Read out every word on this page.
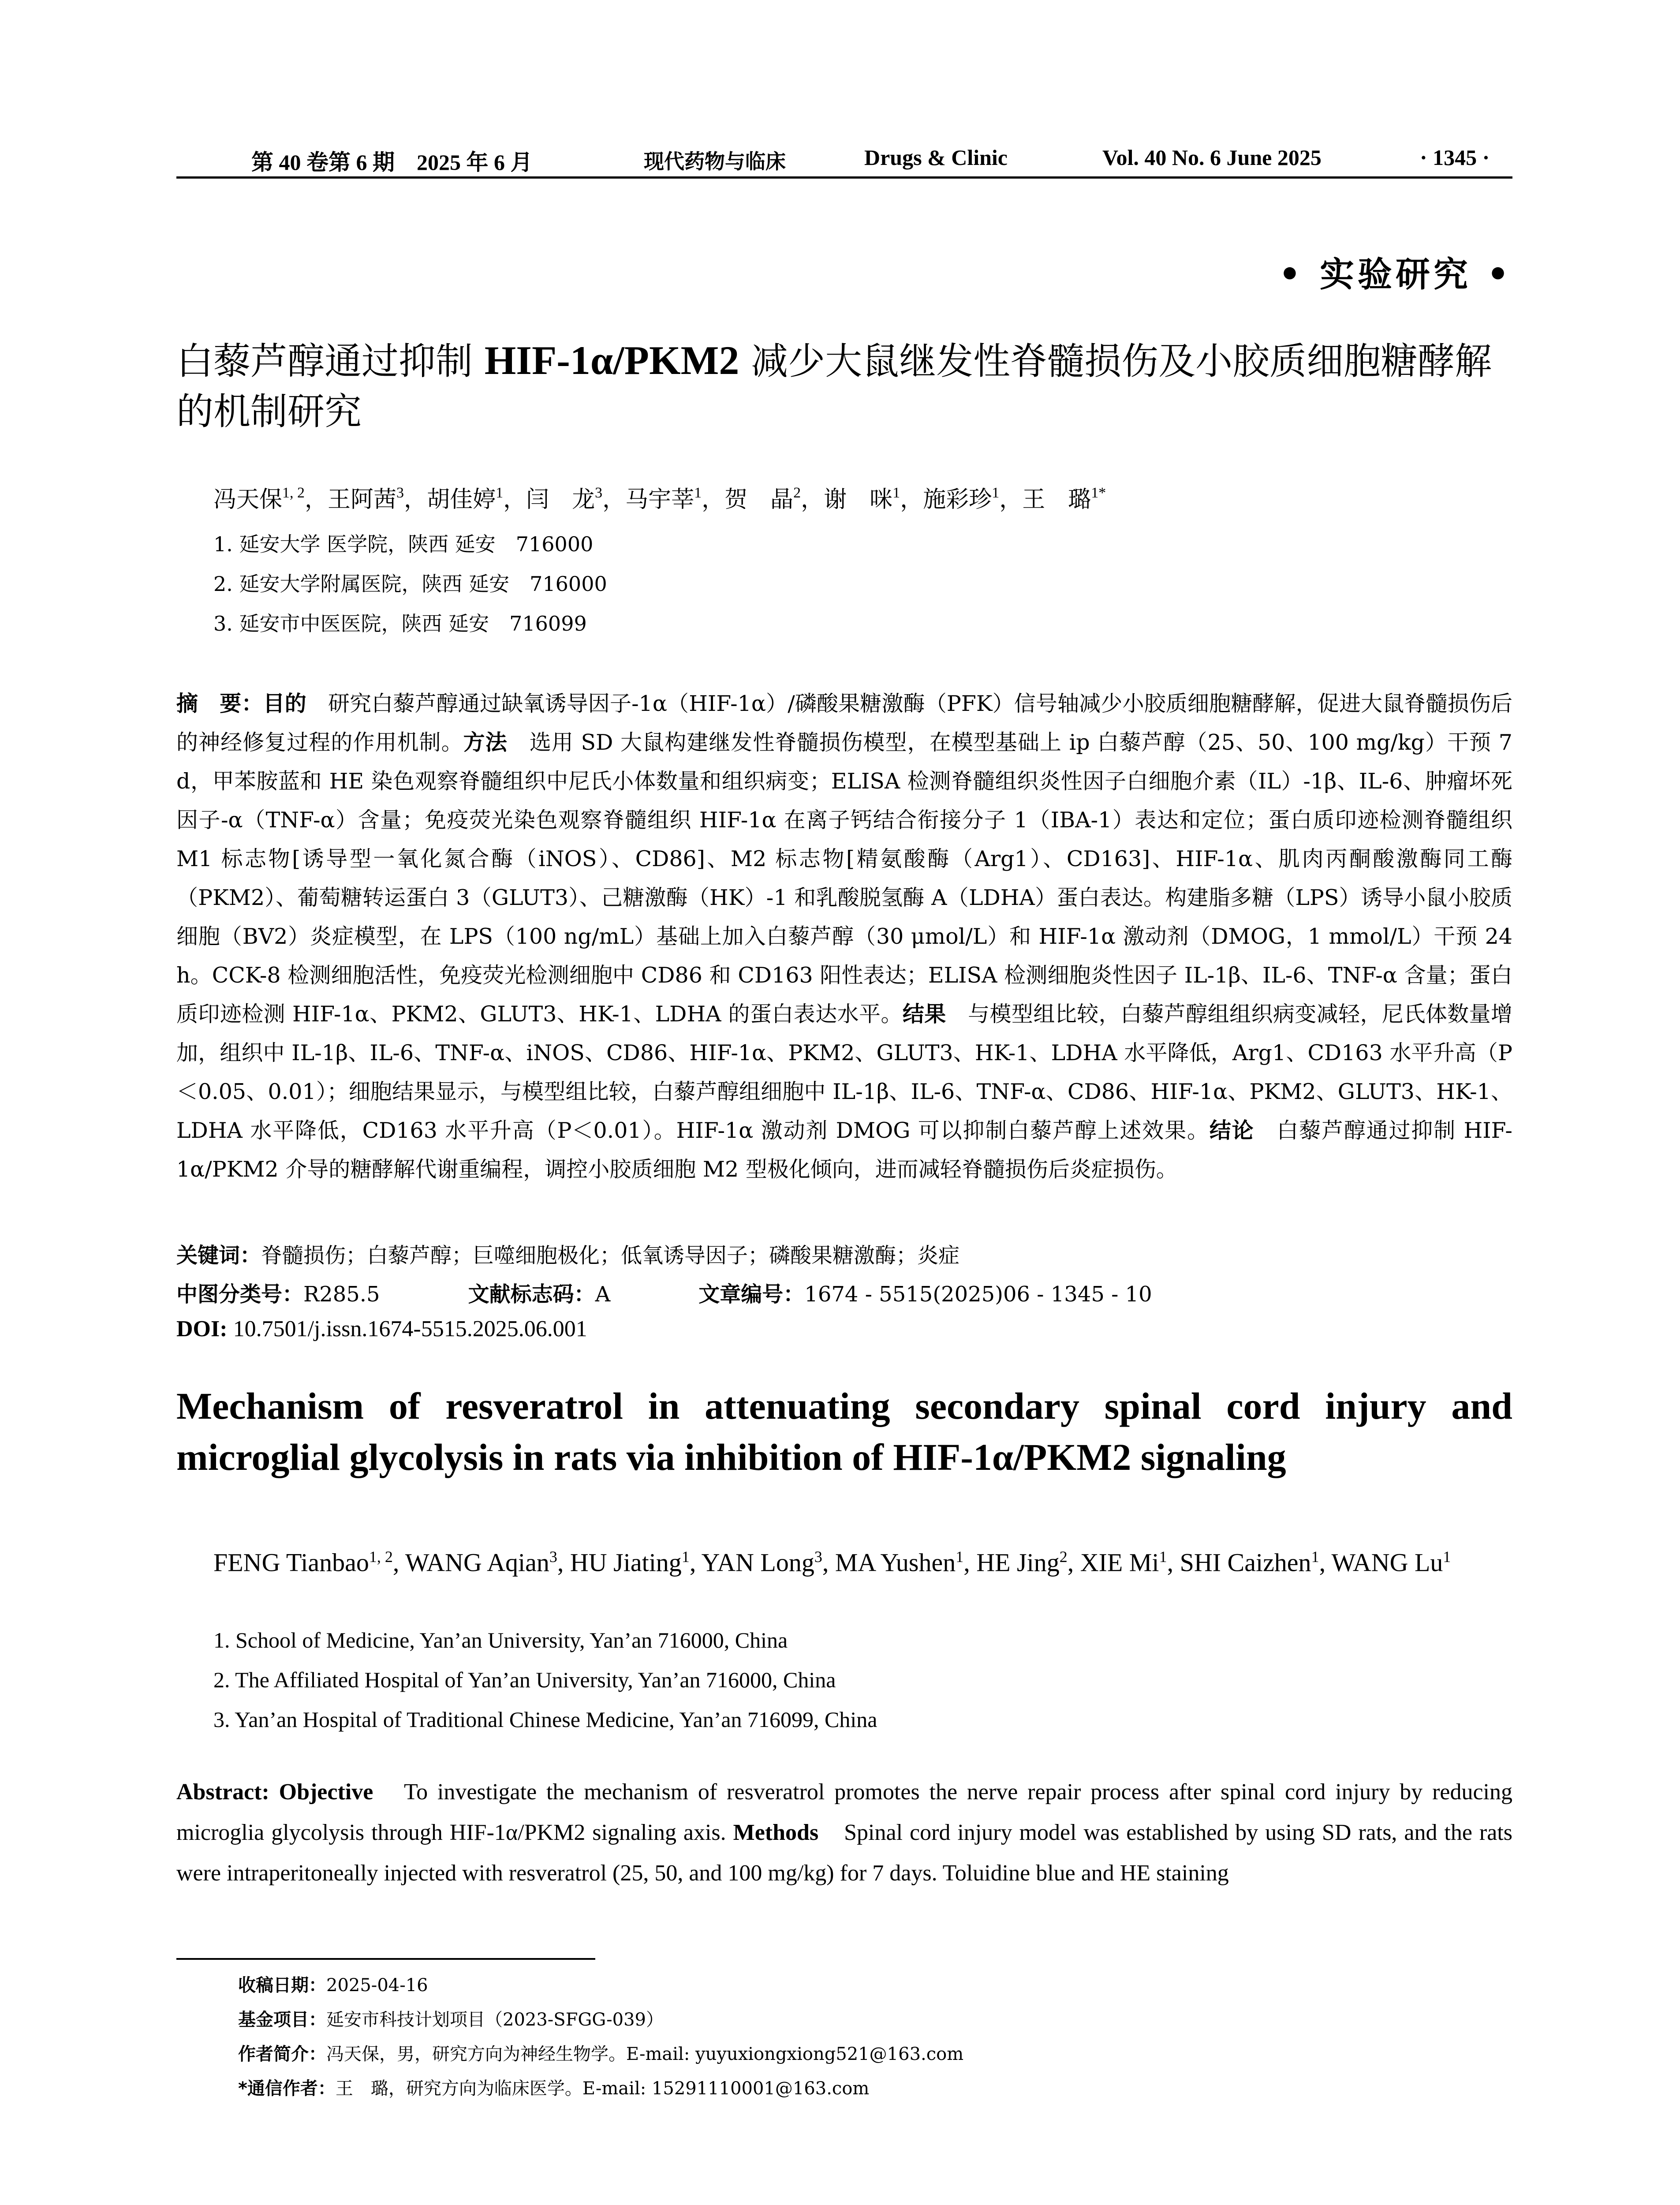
第 40 卷第 6 期　2025 年 6 月	现代药物与临床	Drugs & Clinic	Vol. 40 No. 6 June 2025	· 1345 ·
• 实验研究 •
白藜芦醇通过抑制 HIF-1α/PKM2 减少大鼠继发性脊髓损伤及小胶质细胞糖酵解的机制研究
冯天保$^{1, 2}$，王阿茜$^3$，胡佳婷$^1$，闫　龙$^3$，马宇莘$^1$，贺　晶$^2$，谢　咪$^1$，施彩珍$^1$，王　璐$^{1*}$
1. 延安大学 医学院，陕西 延安　716000
2. 延安大学附属医院，陕西 延安　716000
3. 延安市中医医院，陕西 延安　716099
摘　要：目的　研究白藜芦醇通过缺氧诱导因子-1α（HIF-1α）/磷酸果糖激酶（PFK）信号轴减少小胶质细胞糖酵解，促进大鼠脊髓损伤后的神经修复过程的作用机制。方法　选用 SD 大鼠构建继发性脊髓损伤模型，在模型基础上 ip 白藜芦醇（25、50、100 mg/kg）干预 7 d，甲苯胺蓝和 HE 染色观察脊髓组织中尼氏小体数量和组织病变；ELISA 检测脊髓组织炎性因子白细胞介素（IL）-1β、IL-6、肿瘤坏死因子-α（TNF-α）含量；免疫荧光染色观察脊髓组织 HIF-1α 在离子钙结合衔接分子 1（IBA-1）表达和定位；蛋白质印迹检测脊髓组织 M1 标志物[诱导型一氧化氮合酶（iNOS）、CD86]、M2 标志物[精氨酸酶（Arg1）、CD163]、HIF-1α、肌肉丙酮酸激酶同工酶（PKM2）、葡萄糖转运蛋白 3（GLUT3）、己糖激酶（HK）-1 和乳酸脱氢酶 A（LDHA）蛋白表达。构建脂多糖（LPS）诱导小鼠小胶质细胞（BV2）炎症模型，在 LPS（100 ng/mL）基础上加入白藜芦醇（30 μmol/L）和 HIF-1α 激动剂（DMOG，1 mmol/L）干预 24 h。CCK-8 检测细胞活性，免疫荧光检测细胞中 CD86 和 CD163 阳性表达；ELISA 检测细胞炎性因子 IL-1β、IL-6、TNF-α 含量；蛋白质印迹检测 HIF-1α、PKM2、GLUT3、HK-1、LDHA 的蛋白表达水平。结果　与模型组比较，白藜芦醇组组织病变减轻，尼氏体数量增加，组织中 IL-1β、IL-6、TNF-α、iNOS、CD86、HIF-1α、PKM2、GLUT3、HK-1、LDHA 水平降低，Arg1、CD163 水平升高（P＜0.05、0.01）；细胞结果显示，与模型组比较，白藜芦醇组细胞中 IL-1β、IL-6、TNF-α、CD86、HIF-1α、PKM2、GLUT3、HK-1、LDHA 水平降低，CD163 水平升高（P＜0.01）。HIF-1α 激动剂 DMOG 可以抑制白藜芦醇上述效果。结论　白藜芦醇通过抑制 HIF-1α/PKM2 介导的糖酵解代谢重编程，调控小胶质细胞 M2 型极化倾向，进而减轻脊髓损伤后炎症损伤。
关键词：脊髓损伤；白藜芦醇；巨噬细胞极化；低氧诱导因子；磷酸果糖激酶；炎症
中图分类号：R285.5	文献标志码：A	文章编号：1674 - 5515(2025)06 - 1345 - 10
DOI: 10.7501/j.issn.1674-5515.2025.06.001
Mechanism of resveratrol in attenuating secondary spinal cord injury and microglial glycolysis in rats via inhibition of HIF-1α/PKM2 signaling
FENG Tianbao$^{1, 2}$, WANG Aqian$^3$, HU Jiating$^1$, YAN Long$^3$, MA Yushen$^1$, HE Jing$^2$, XIE Mi$^1$, SHI Caizhen$^1$, WANG Lu$^1$
1. School of Medicine, Yan’an University, Yan’an 716000, China
2. The Affiliated Hospital of Yan’an University, Yan’an 716000, China
3. Yan’an Hospital of Traditional Chinese Medicine, Yan’an 716099, China
Abstract: Objective　To investigate the mechanism of resveratrol promotes the nerve repair process after spinal cord injury by reducing microglia glycolysis through HIF-1α/PKM2 signaling axis. Methods　Spinal cord injury model was established by using SD rats, and the rats were intraperitoneally injected with resveratrol (25, 50, and 100 mg/kg) for 7 days. Toluidine blue and HE staining
收稿日期：2025-04-16
基金项目：延安市科技计划项目（2023-SFGG-039）
作者简介：冯天保，男，研究方向为神经生物学。E-mail: yuyuxiongxiong521@163.com
*通信作者：王　璐，研究方向为临床医学。E-mail: 15291110001@163.com
